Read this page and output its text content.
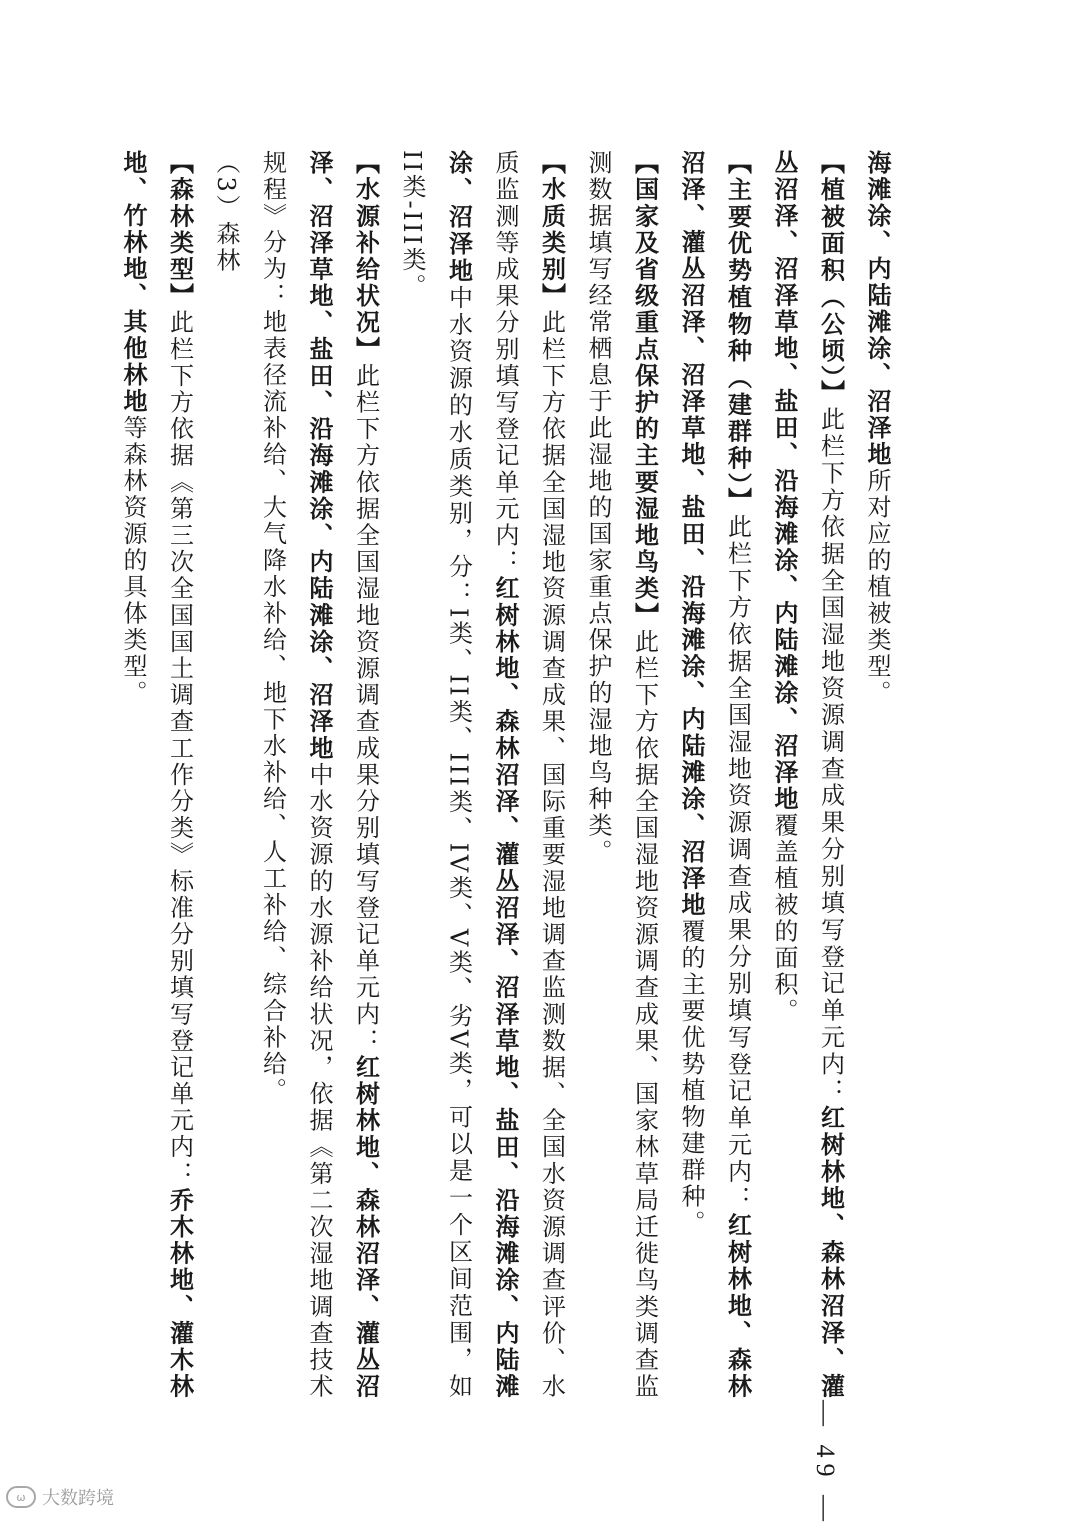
海滩涂、内陆滩涂、沼泽地所对应的植被类型。

【植被面积（公顷）】此栏下方依据全国湿地资源调查成果分别填写登记单元内：红树林地、森林沼泽、灌丛沼泽、沼泽草地、盐田、沿海滩涂、内陆滩涂、沼泽地覆盖植被的面积。

【主要优势植物种（建群种）】此栏下方依据全国湿地资源调查成果分别填写登记单元内：红树林地、森林沼泽、灌丛沼泽、沼泽草地、盐田、沿海滩涂、内陆滩涂、沼泽地覆的主要优势植物建群种。

【国家及省级重点保护的主要湿地鸟类】此栏下方依据全国湿地资源调查成果、国家林草局迁徙鸟类调查监测数据填写经常栖息于此湿地的国家重点保护的湿地鸟种类。

【水质类别】此栏下方依据全国湿地资源调查成果、国际重要湿地调查监测数据、全国水资源调查评价、水质监测等成果分别填写登记单元内：红树林地、森林沼泽、灌丛沼泽、沼泽草地、盐田、沿海滩涂、内陆滩涂、沼泽地中水资源的水质类别，分：I类、II类、III类、IV类、V类、劣V类，可以是一个区间范围，如II类-III类。

【水源补给状况】此栏下方依据全国湿地资源调查成果分别填写登记单元内：红树林地、森林沼泽、灌丛沼泽、沼泽草地、盐田、沿海滩涂、内陆滩涂、沼泽地中水资源的水源补给状况，依据《第二次湿地调查技术规程》分为：地表径流补给、大气降水补给、地下水补给、人工补给、综合补给。

（3）森林

【森林类型】此栏下方依据《第三次全国国土调查工作分类》标准分别填写登记单元内：乔木林地、灌木林地、竹林地、其他林地等森林资源的具体类型。

— 49 —
ω 大数跨境
